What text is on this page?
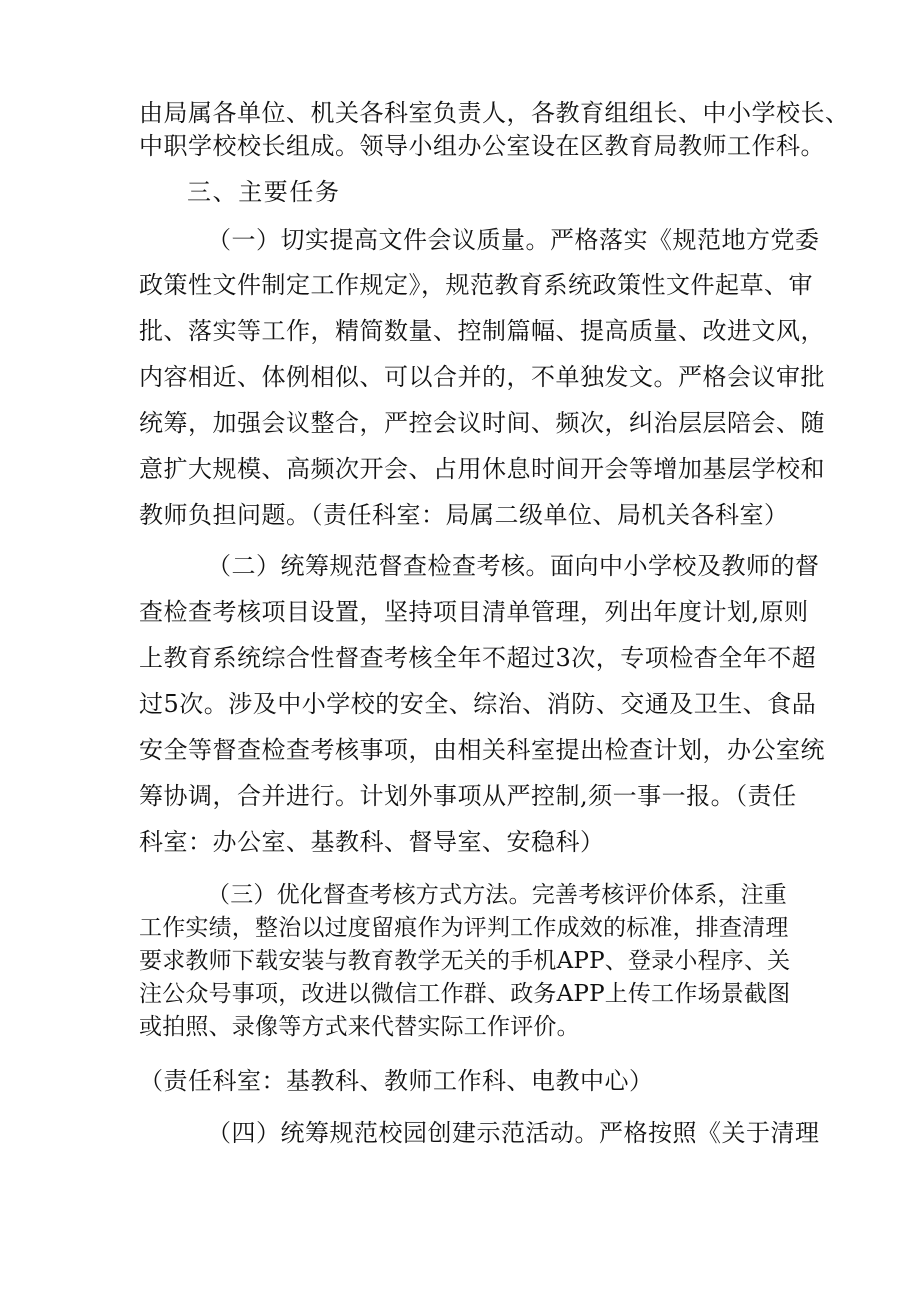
由局属各单位、机关各科室负责人，各教育组组长、中小学校长、
中职学校校长组成。领导小组办公室设在区教育局教师工作科。
三、主要任务
（一）切实提高文件会议质量。严格落实《规范地方党委
政策性文件制定工作规定》，规范教育系统政策性文件起草、审
批、落实等工作，精简数量、控制篇幅、提高质量、改进文风，
内容相近、体例相似、可以合并的，不单独发文。严格会议审批
统筹，加强会议整合，严控会议时间、频次，纠治层层陪会、随
意扩大规模、高频次开会、占用休息时间开会等增加基层学校和
教师负担问题。（责任科室：局属二级单位、局机关各科室）
（二）统筹规范督查检查考核。面向中小学校及教师的督
查检查考核项目设置，坚持项目清单管理，列出年度计划,原则
上教育系统综合性督查考核全年不超过3次，专项检杳全年不超
过5次。涉及中小学校的安全、综治、消防、交通及卫生、食品
安全等督查检查考核事项，由相关科室提出检查计划，办公室统
筹协调，合并进行。计划外事项从严控制,须一事一报。（责任
科室：办公室、基教科、督导室、安稳科）
（三）优化督查考核方式方法。完善考核评价体系，注重
工作实绩，整治以过度留痕作为评判工作成效的标准，排查清理
要求教师下载安装与教育教学无关的手机APP、登录小程序、关
注公众号事项，改进以微信工作群、政务APP上传工作场景截图
或拍照、录像等方式来代替实际工作评价。
（责任科室：基教科、教师工作科、电教中心）
（四）统筹规范校园创建示范活动。严格按照《关于清理
